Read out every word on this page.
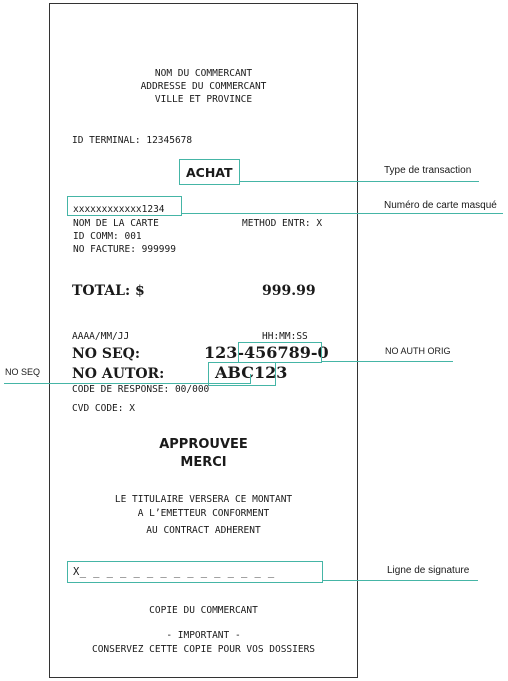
NOM DU COMMERCANT

ADDRESSE DU COMMERCANT

VILLE ET PROVINCE

ID TERMINAL: 12345678

ACHAT

xxxxxxxxxxxx1234

NOM DE LA CARTE	METHOD ENTR: X

ID COMM: 001

NO FACTURE: 999999

TOTAL: $	999.99

AAAA/MM/JJ	HH:MM:SS

NO SEQ:	123-456789-0

NO AUTOR:	ABC123

CODE DE RESPONSE: 00/000

CVD CODE: X

APPROUVEE

MERCI

LE TITULAIRE VERSERA CE MONTANT

A L’EMETTEUR CONFORMENT

AU CONTRACT ADHERENT

X_ _ _ _ _ _ _ _ _ _ _ _ _ _ _

COPIE DU COMMERCANT

- IMPORTANT -

CONSERVEZ CETTE COPIE POUR VOS DOSSIERS

Type de transaction
Numéro de carte masqué
NO AUTH ORIG
NO SEQ
Ligne de signature
